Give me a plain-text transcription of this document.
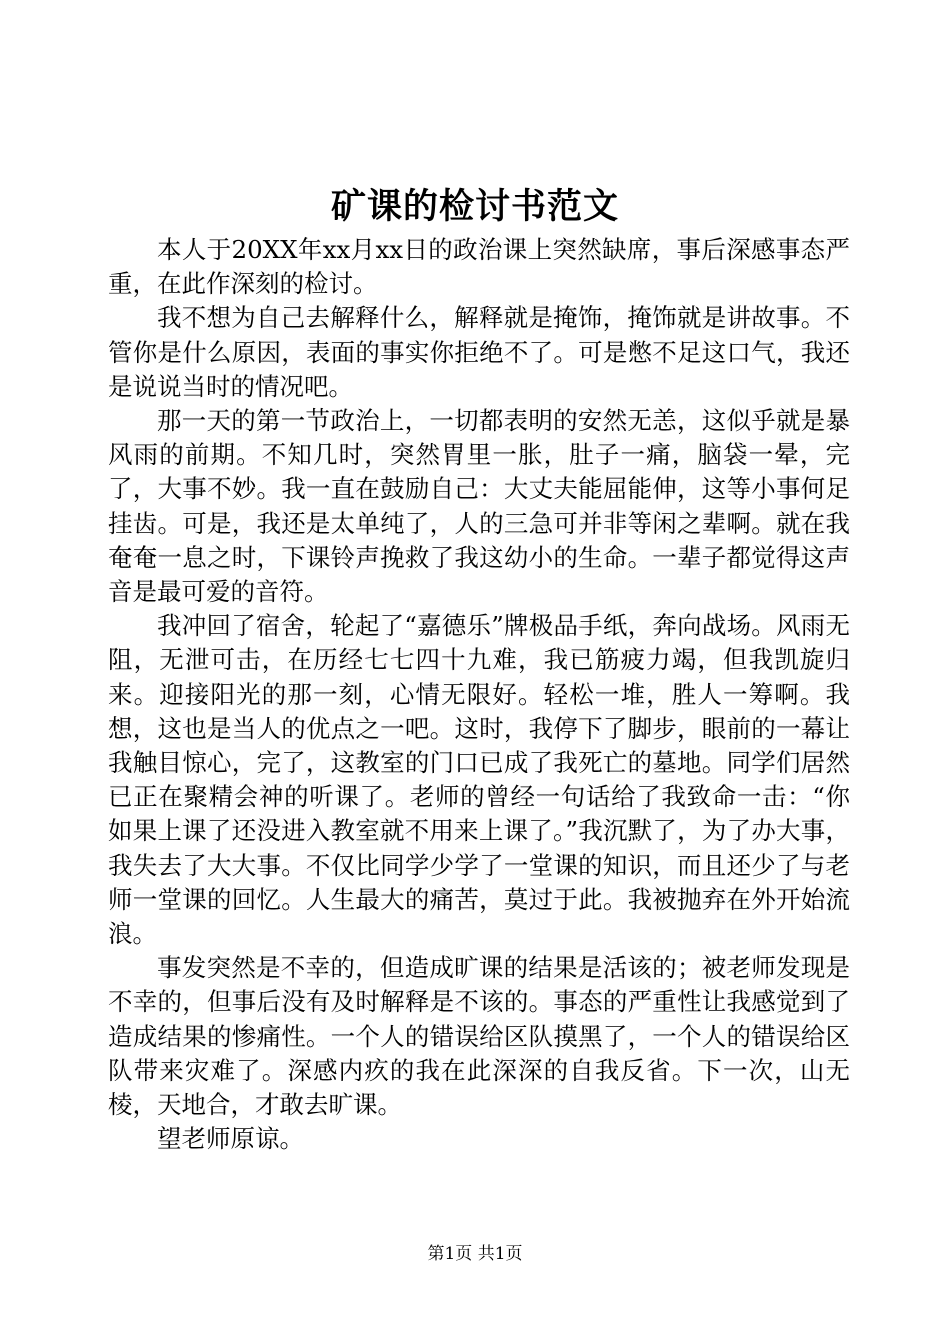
矿课的检讨书范文

本人于20XX年xx月xx日的政治课上突然缺席，事后深感事态严重，在此作深刻的检讨。

我不想为自己去解释什么，解释就是掩饰，掩饰就是讲故事。不管你是什么原因，表面的事实你拒绝不了。可是憋不足这口气，我还是说说当时的情况吧。

那一天的第一节政治上，一切都表明的安然无恙，这似乎就是暴风雨的前期。不知几时，突然胃里一胀，肚子一痛，脑袋一晕，完了，大事不妙。我一直在鼓励自己：大丈夫能屈能伸，这等小事何足挂齿。可是，我还是太单纯了，人的三急可并非等闲之辈啊。就在我奄奄一息之时，下课铃声挽救了我这幼小的生命。一辈子都觉得这声音是最可爱的音符。

我冲回了宿舍，轮起了“嘉德乐”牌极品手纸，奔向战场。风雨无阻，无泄可击，在历经七七四十九难，我已筋疲力竭，但我凯旋归来。迎接阳光的那一刻，心情无限好。轻松一堆，胜人一筹啊。我想，这也是当人的优点之一吧。这时，我停下了脚步，眼前的一幕让我触目惊心，完了，这教室的门口已成了我死亡的墓地。同学们居然已正在聚精会神的听课了。老师的曾经一句话给了我致命一击：“你如果上课了还没进入教室就不用来上课了。”我沉默了，为了办大事，我失去了大大事。不仅比同学少学了一堂课的知识，而且还少了与老师一堂课的回忆。人生最大的痛苦，莫过于此。我被抛弃在外开始流浪。

事发突然是不幸的，但造成旷课的结果是活该的；被老师发现是不幸的，但事后没有及时解释是不该的。事态的严重性让我感觉到了造成结果的惨痛性。一个人的错误给区队摸黑了，一个人的错误给区队带来灾难了。深感内疚的我在此深深的自我反省。下一次，山无棱，天地合，才敢去旷课。

望老师原谅。

第1页 共1页
